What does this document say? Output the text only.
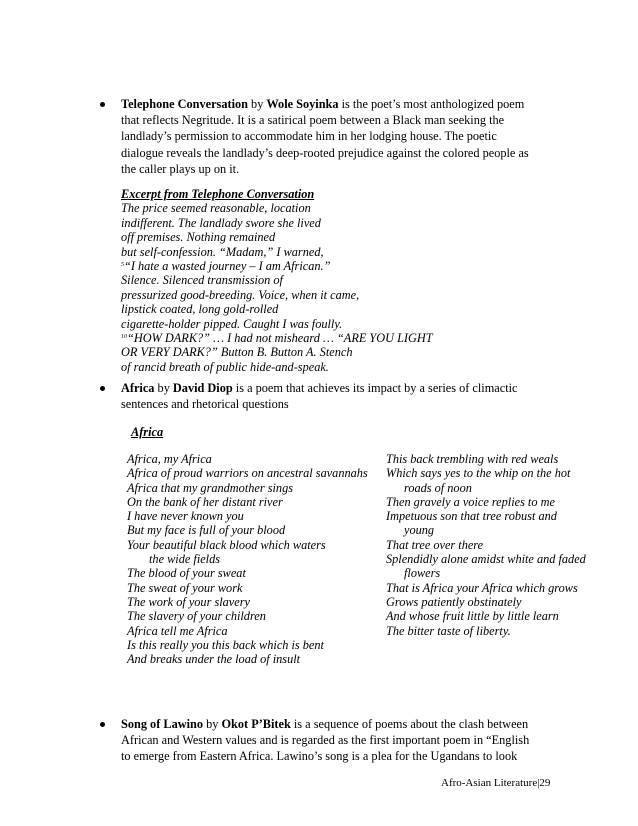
Telephone Conversation by Wole Soyinka is the poet’s most anthologized poem
that reflects Negritude. It is a satirical poem between a Black man seeking the
landlady’s permission to accommodate him in her lodging house. The poetic
dialogue reveals the landlady’s deep-rooted prejudice against the colored people as
the caller plays up on it.
Excerpt from Telephone Conversation
The price seemed reasonable, location
indifferent. The landlady swore she lived
off premises. Nothing remained
but self-confession. “Madam,” I warned,
$^5$“I hate a wasted journey – I am African.”
Silence. Silenced transmission of
pressurized good-breeding. Voice, when it came,
lipstick coated, long gold-rolled
cigarette-holder pipped. Caught I was foully.
$^{10}$“HOW DARK?” … I had not misheard … “ARE YOU LIGHT
OR VERY DARK?” Button B. Button A. Stench
of rancid breath of public hide-and-speak.
Africa by David Diop is a poem that achieves its impact by a series of climactic
sentences and rhetorical questions
Africa
Africa, my Africa
Africa of proud warriors on ancestral savannahs
Africa that my grandmother sings
On the bank of her distant river
I have never known you
But my face is full of your blood
Your beautiful black blood which waters
the wide fields
The blood of your sweat
The sweat of your work
The work of your slavery
The slavery of your children
Africa tell me Africa
Is this really you this back which is bent
And breaks under the load of insult
This back trembling with red weals
Which says yes to the whip on the hot
roads of noon
Then gravely a voice replies to me
Impetuous son that tree robust and
young
That tree over there
Splendidly alone amidst white and faded
flowers
That is Africa your Africa which grows
Grows patiently obstinately
And whose fruit little by little learn
The bitter taste of liberty.
Song of Lawino by Okot P’Bitek is a sequence of poems about the clash between
African and Western values and is regarded as the first important poem in “English
to emerge from Eastern Africa. Lawino’s song is a plea for the Ugandans to look
Afro-Asian Literature|29
